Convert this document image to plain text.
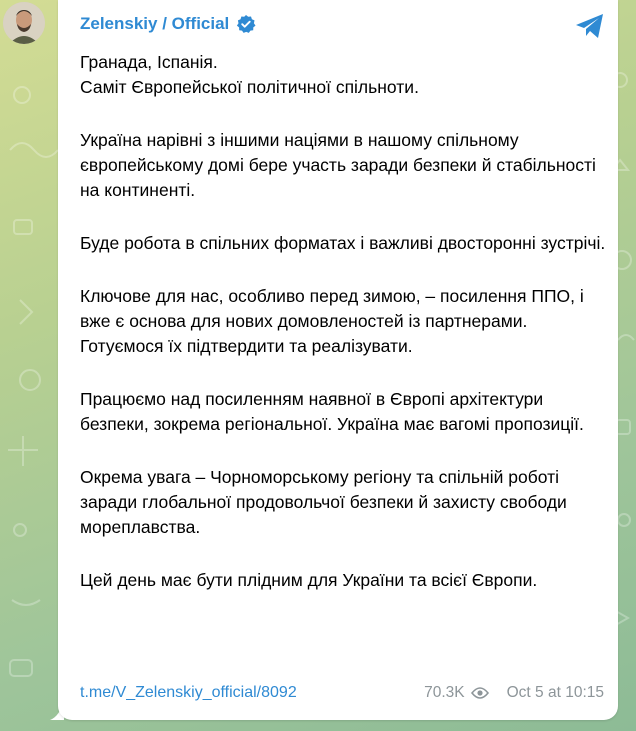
Zelenskiy / Official

Гранада, Іспанія.
Саміт Європейської політичної спільноти.

Україна нарівні з іншими націями в нашому спільному європейському домі бере участь заради безпеки й стабільності на континенті.

Буде робота в спільних форматах і важливі двосторонні зустрічі.

Ключове для нас, особливо перед зимою, – посилення ППО, і вже є основа для нових домовленостей із партнерами. Готуємося їх підтвердити та реалізувати.

Працюємо над посиленням наявної в Європі архітектури безпеки, зокрема регіональної. Україна має вагомі пропозиції.

Окрема увага – Чорноморському регіону та спільній роботі заради глобальної продовольчої безпеки й захисту свободи мореплавства.

Цей день має бути плідним для України та всієї Європи.

t.me/V_Zelenskiy_official/8092	70.3K	Oct 5 at 10:15
